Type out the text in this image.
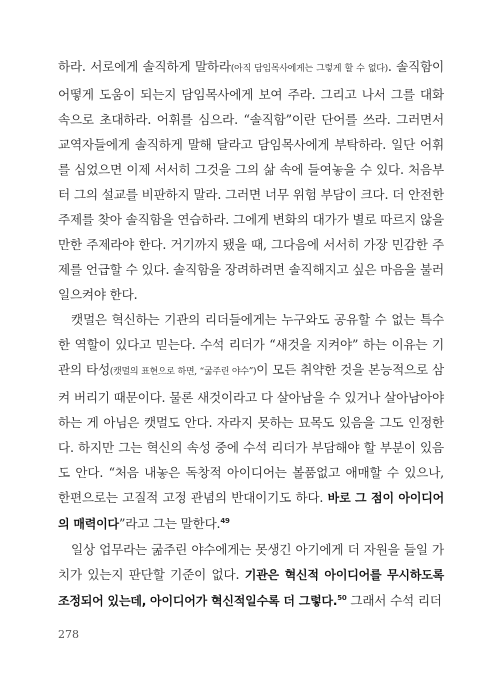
하라. 서로에게 솔직하게 말하라(아직 담임목사에게는 그렇게 할 수 없다). 솔직함이 어떻게 도움이 되는지 담임목사에게 보여 주라. 그리고 나서 그를 대화 속으로 초대하라. 어휘를 심으라. “솔직함”이란 단어를 쓰라. 그러면서 교역자들에게 솔직하게 말해 달라고 담임목사에게 부탁하라. 일단 어휘를 심었으면 이제 서서히 그것을 그의 삶 속에 들여놓을 수 있다. 처음부터 그의 설교를 비판하지 말라. 그러면 너무 위험 부담이 크다. 더 안전한 주제를 찾아 솔직함을 연습하라. 그에게 변화의 대가가 별로 따르지 않을 만한 주제라야 한다. 거기까지 됐을 때, 그다음에 서서히 가장 민감한 주제를 언급할 수 있다. 솔직함을 장려하려면 솔직해지고 싶은 마음을 불러일으켜야 한다.

캣멀은 혁신하는 기관의 리더들에게는 누구와도 공유할 수 없는 특수한 역할이 있다고 믿는다. 수석 리더가 “새것을 지켜야” 하는 이유는 기관의 타성(캣멀의 표현으로 하면, “굶주린 야수”)이 모든 취약한 것을 본능적으로 삼켜 버리기 때문이다. 물론 새것이라고 다 살아남을 수 있거나 살아남아야 하는 게 아님은 캣멀도 안다. 자라지 못하는 묘목도 있음을 그도 인정한다. 하지만 그는 혁신의 속성 중에 수석 리더가 부담해야 할 부분이 있음도 안다. “처음 내놓은 독창적 아이디어는 볼품없고 애매할 수 있으나, 한편으로는 고질적 고정 관념의 반대이기도 하다. 바로 그 점이 아이디어의 매력이다”라고 그는 말한다.$^{49}$

일상 업무라는 굶주린 야수에게는 못생긴 아기에게 더 자원을 들일 가치가 있는지 판단할 기준이 없다. 기관은 혁신적 아이디어를 무시하도록 조정되어 있는데, 아이디어가 혁신적일수록 더 그렇다.$^{50}$ 그래서 수석 리더

278
